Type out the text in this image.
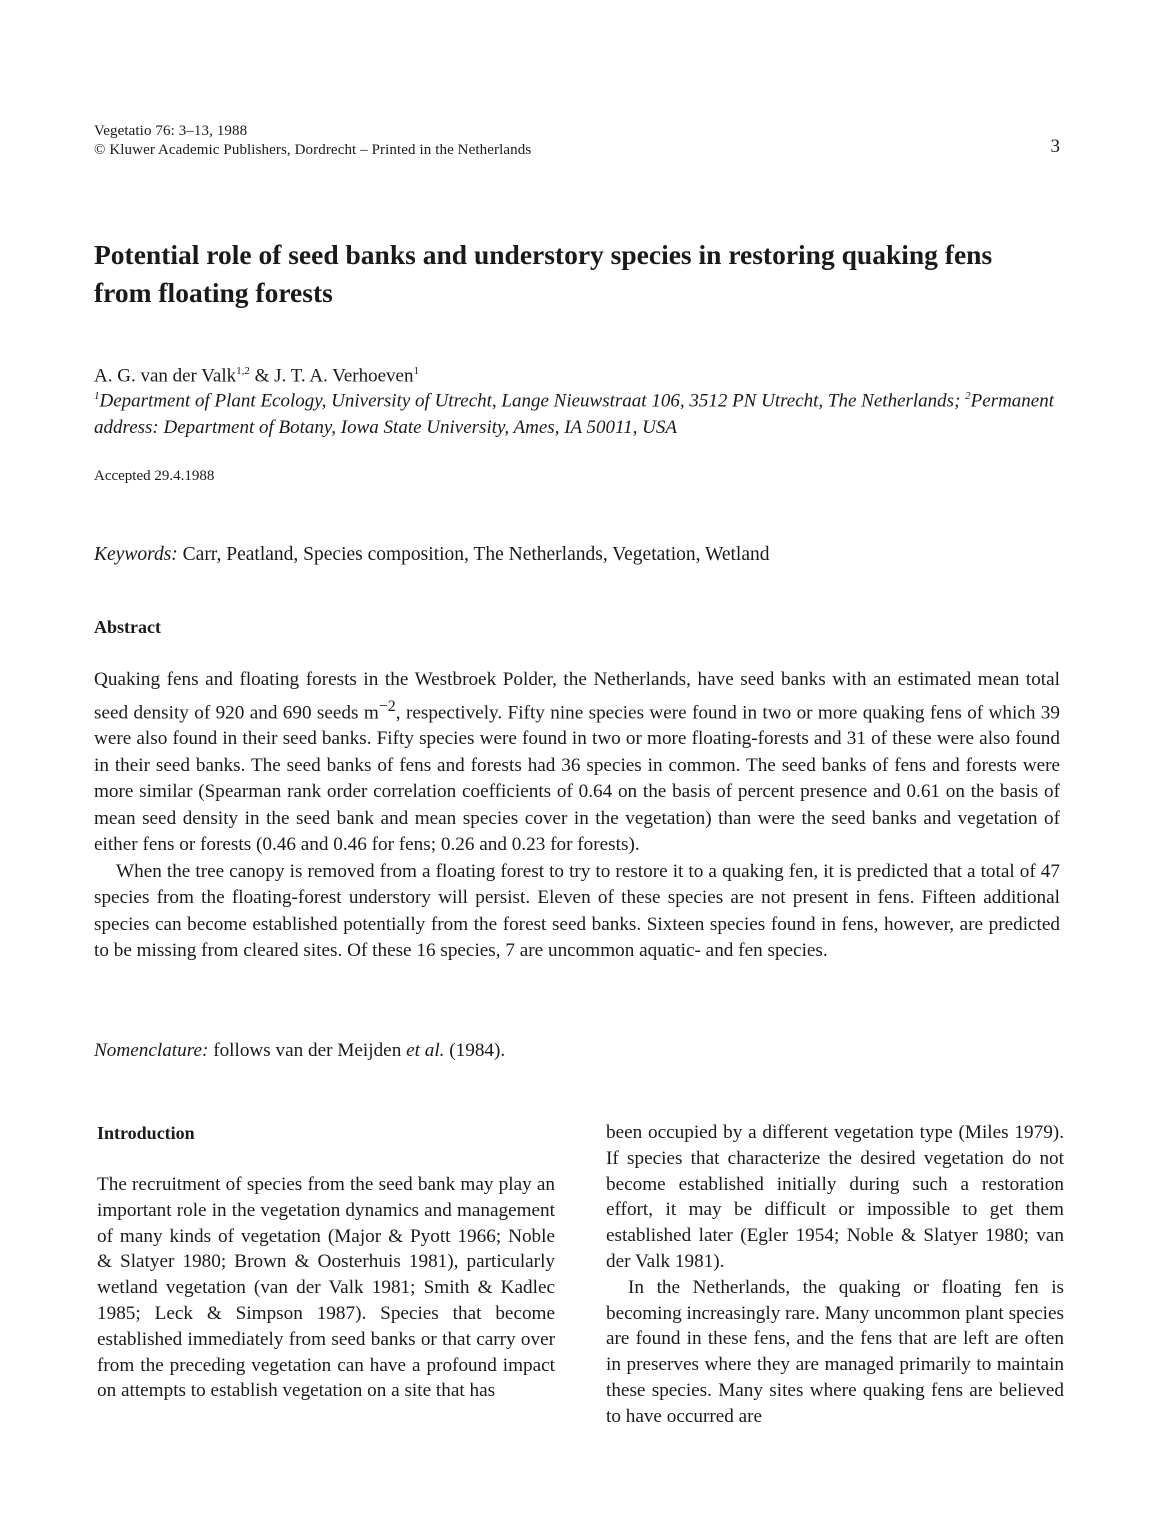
Vegetatio 76: 3–13, 1988
© Kluwer Academic Publishers, Dordrecht – Printed in the Netherlands	3
Potential role of seed banks and understory species in restoring quaking fens from floating forests
A. G. van der Valk$^{1,2}$ & J. T. A. Verhoeven$^1$
$^1$Department of Plant Ecology, University of Utrecht, Lange Nieuwstraat 106, 3512 PN Utrecht, The Netherlands; $^2$Permanent address: Department of Botany, Iowa State University, Ames, IA 50011, USA
Accepted 29.4.1988
Keywords: Carr, Peatland, Species composition, The Netherlands, Vegetation, Wetland
Abstract

Quaking fens and floating forests in the Westbroek Polder, the Netherlands, have seed banks with an estimated mean total seed density of 920 and 690 seeds $m^{-2}$, respectively. Fifty nine species were found in two or more quaking fens of which 39 were also found in their seed banks. Fifty species were found in two or more floating-forests and 31 of these were also found in their seed banks. The seed banks of fens and forests had 36 species in common. The seed banks of fens and forests were more similar (Spearman rank order correlation coefficients of 0.64 on the basis of percent presence and 0.61 on the basis of mean seed density in the seed bank and mean species cover in the vegetation) than were the seed banks and vegetation of either fens or forests (0.46 and 0.46 for fens; 0.26 and 0.23 for forests).

When the tree canopy is removed from a floating forest to try to restore it to a quaking fen, it is predicted that a total of 47 species from the floating-forest understory will persist. Eleven of these species are not present in fens. Fifteen additional species can become established potentially from the forest seed banks. Sixteen species found in fens, however, are predicted to be missing from cleared sites. Of these 16 species, 7 are uncommon aquatic- and fen species.

Nomenclature: follows van der Meijden et al. (1984).
Introduction

The recruitment of species from the seed bank may play an important role in the vegetation dynamics and management of many kinds of vegetation (Major & Pyott 1966; Noble & Slatyer 1980; Brown & Oosterhuis 1981), particularly wetland vegetation (van der Valk 1981; Smith & Kadlec 1985; Leck & Simpson 1987). Species that become established immediately from seed banks or that carry over from the preceding vegetation can have a profound impact on attempts to establish vegetation on a site that has

been occupied by a different vegetation type (Miles 1979). If species that characterize the desired vegetation do not become established initially during such a restoration effort, it may be difficult or impossible to get them established later (Egler 1954; Noble & Slatyer 1980; van der Valk 1981).

In the Netherlands, the quaking or floating fen is becoming increasingly rare. Many uncommon plant species are found in these fens, and the fens that are left are often in preserves where they are managed primarily to maintain these species. Many sites where quaking fens are believed to have occurred are
